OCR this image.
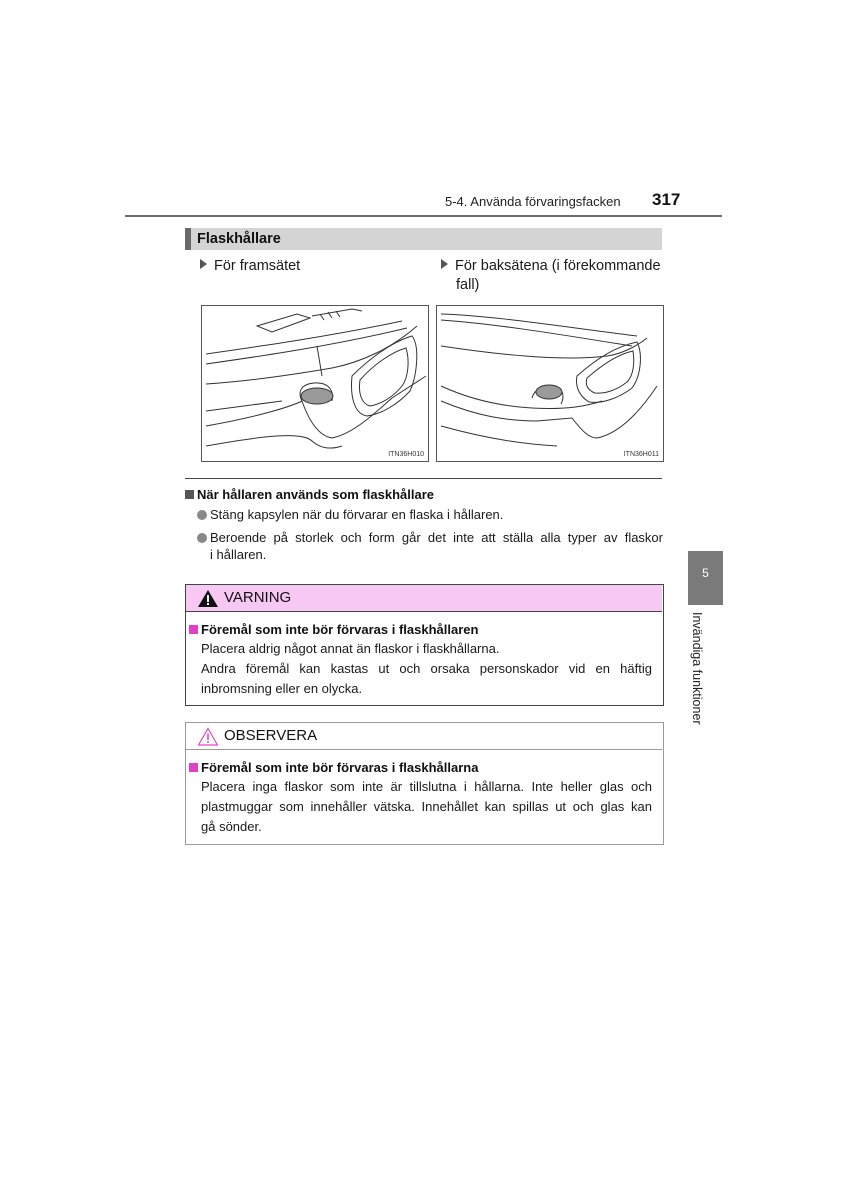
5-4. Använda förvaringsfacken 317
5
Invändiga funktioner
Flaskhållare
För framsätet	För baksätena (i förekommande
fall)
ITN36H010	ITN36H011
När hållaren används som flaskhållare
Stäng kapsylen när du förvarar en flaska i hållaren.
Beroende på storlek och form går det inte att ställa alla typer av flaskor
i hållaren.
VARNING
Föremål som inte bör förvaras i flaskhållaren
Placera aldrig något annat än flaskor i flaskhållarna.
Andra föremål kan kastas ut och orsaka personskador vid en häftig
inbromsning eller en olycka.
OBSERVERA
Föremål som inte bör förvaras i flaskhållarna
Placera inga flaskor som inte är tillslutna i hållarna. Inte heller glas och
plastmuggar som innehåller vätska. Innehållet kan spillas ut och glas kan
gå sönder.
